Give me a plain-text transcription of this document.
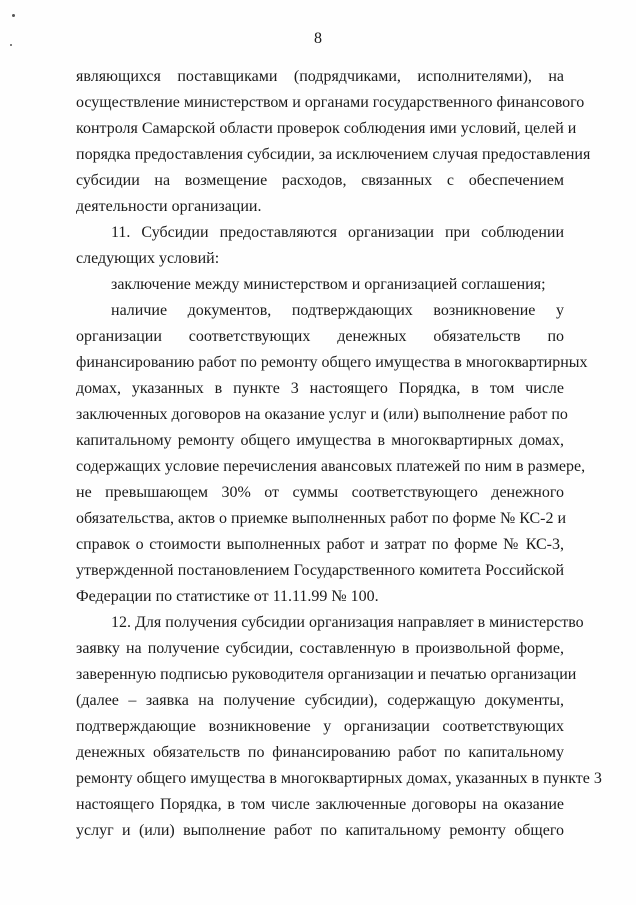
8
являющихся поставщиками (подрядчиками, исполнителями), на
осуществление министерством и органами государственного финансового
контроля Самарской области проверок соблюдения ими условий, целей и
порядка предоставления субсидии, за исключением случая предоставления
субсидии на возмещение расходов, связанных с обеспечением
деятельности организации.
11. Субсидии предоставляются организации при соблюдении
следующих условий:
заключение между министерством и организацией соглашения;
наличие документов, подтверждающих возникновение у
организации соответствующих денежных обязательств по
финансированию работ по ремонту общего имущества в многоквартирных
домах, указанных в пункте 3 настоящего Порядка, в том числе
заключенных договоров на оказание услуг и (или) выполнение работ по
капитальному ремонту общего имущества в многоквартирных домах,
содержащих условие перечисления авансовых платежей по ним в размере,
не превышающем 30% от суммы соответствующего денежного
обязательства, актов о приемке выполненных работ по форме № КС-2 и
справок о стоимости выполненных работ и затрат по форме № КС-3,
утвержденной постановлением Государственного комитета Российской
Федерации по статистике от 11.11.99 № 100.
12. Для получения субсидии организация направляет в министерство
заявку на получение субсидии, составленную в произвольной форме,
заверенную подписью руководителя организации и печатью организации
(далее – заявка на получение субсидии), содержащую документы,
подтверждающие возникновение у организации соответствующих
денежных обязательств по финансированию работ по капитальному
ремонту общего имущества в многоквартирных домах, указанных в пункте 3
настоящего Порядка, в том числе заключенные договоры на оказание
услуг и (или) выполнение работ по капитальному ремонту общего
